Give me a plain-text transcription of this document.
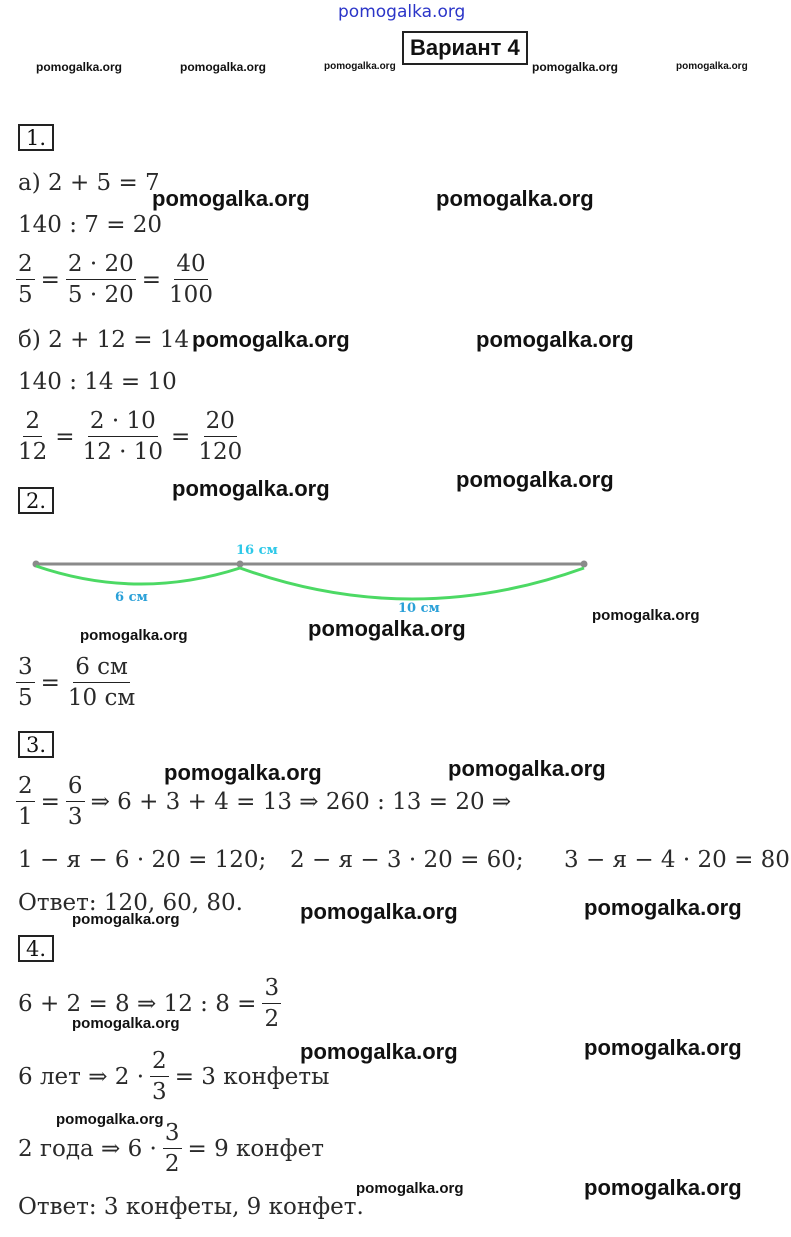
pomogalka.org
Вариант 4
pomogalka.org	pomogalka.org	pomogalka.org	pomogalka.org	pomogalka.org
1.
а) 2 + 5 = 7
pomogalka.org	pomogalka.org
140 : 7 = 20
$\frac{2}{5} = \frac{2 \cdot 20}{5 \cdot 20} = \frac{40}{100}$
б) 2 + 12 = 14 pomogalka.org	pomogalka.org
140 : 14 = 10
$\frac{2}{12} = \frac{2 \cdot 10}{12 \cdot 10} = \frac{20}{120}$
2.	pomogalka.org	pomogalka.org
16 см
6 см
10 см
pomogalka.org	pomogalka.org
pomogalka.org
$\frac{3}{5} = \frac{6 см}{10 см}$
3.
pomogalka.org	pomogalka.org
$\frac{2}{1} = \frac{6}{3}$ ⇒ 6 + 3 + 4 = 13 ⇒ 260 : 13 = 20 ⇒
1 − я − 6 · 20 = 120; 2 − я − 3 · 20 = 60; 3 − я − 4 · 20 = 80
Ответ: 120, 60, 80.
pomogalka.org	pomogalka.org	pomogalka.org
4.
6 + 2 = 8 ⇒ 12 : $8 = \frac{3}{2}$
pomogalka.org
pomogalka.org	pomogalka.org
6 лет ⇒ $2 \cdot \frac{2}{3} = 3$ конфеты
pomogalka.org
2 года ⇒ $6 \cdot \frac{3}{2} = 9$ конфет
Ответ: 3 конфеты, 9 конфет.
pomogalka.org	pomogalka.org
